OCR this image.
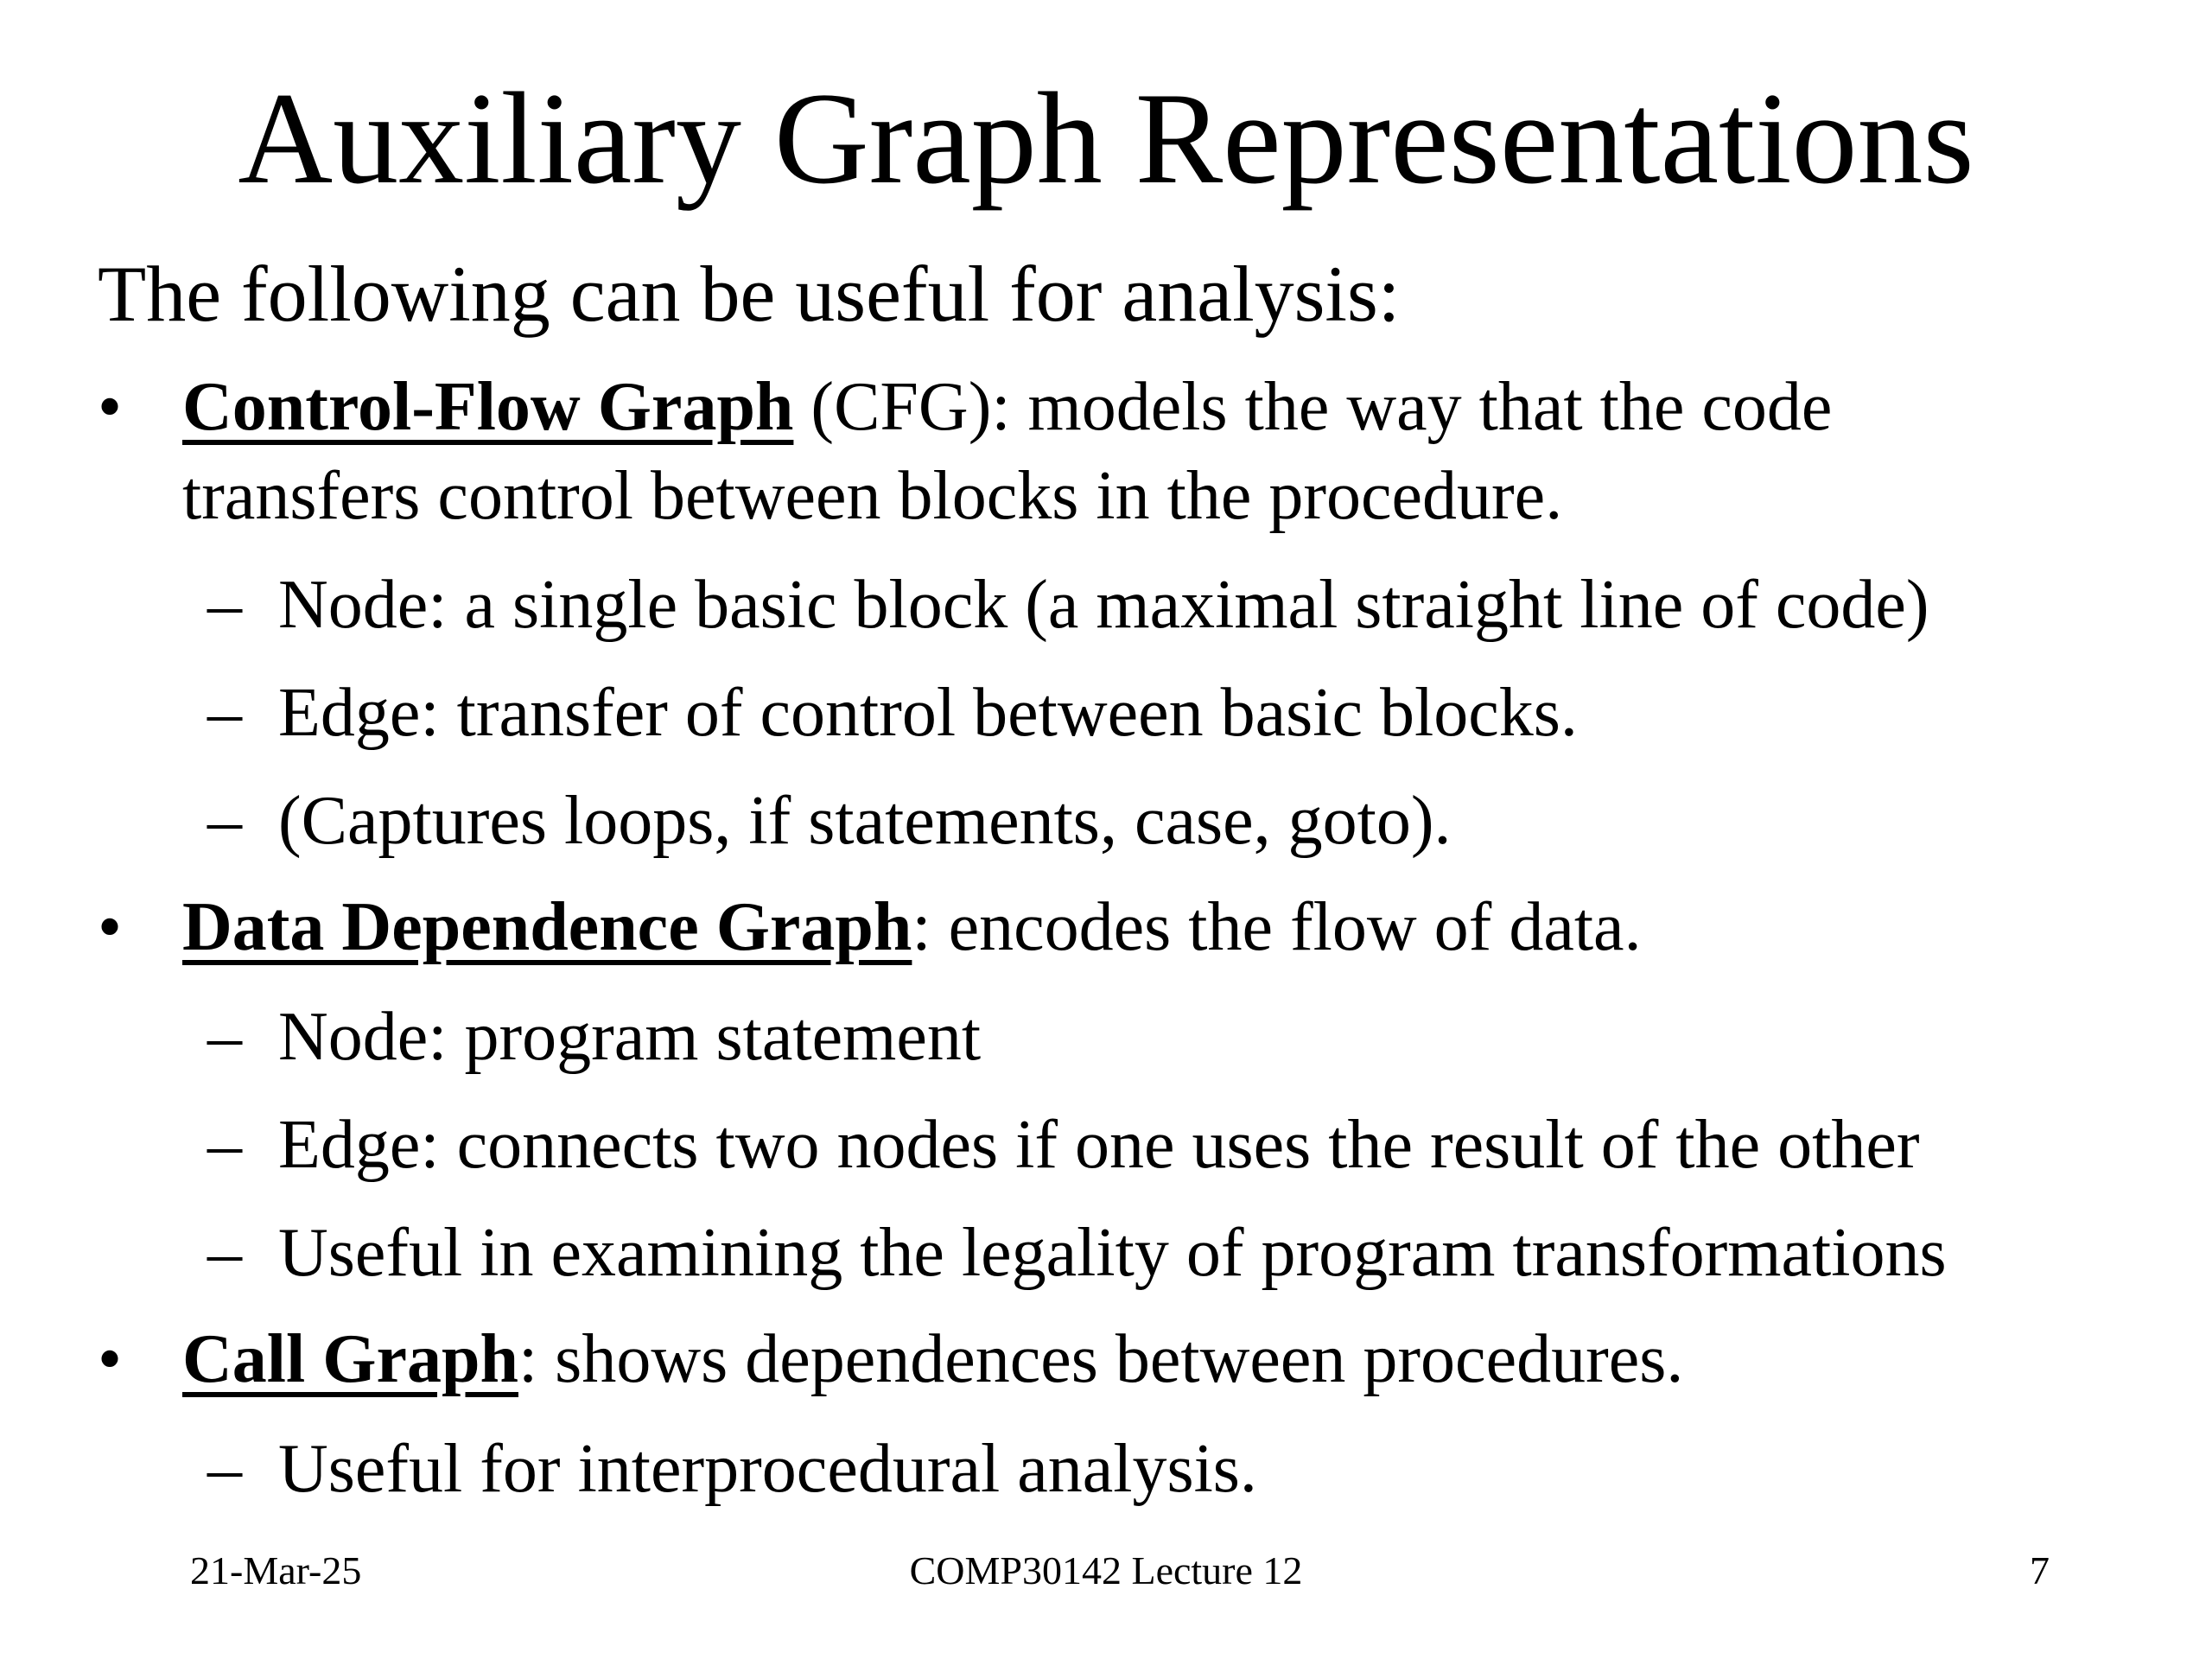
Auxiliary Graph Representations
The following can be useful for analysis:
• Control-Flow Graph (CFG): models the way that the code
transfers control between blocks in the procedure.
– Node: a single basic block (a maximal straight line of code)
– Edge: transfer of control between basic blocks.
– (Captures loops, if statements, case, goto).
• Data Dependence Graph: encodes the flow of data.
– Node: program statement
– Edge: connects two nodes if one uses the result of the other
– Useful in examining the legality of program transformations
• Call Graph: shows dependences between procedures.
– Useful for interprocedural analysis.
21-Mar-25	COMP30142 Lecture 12	7
